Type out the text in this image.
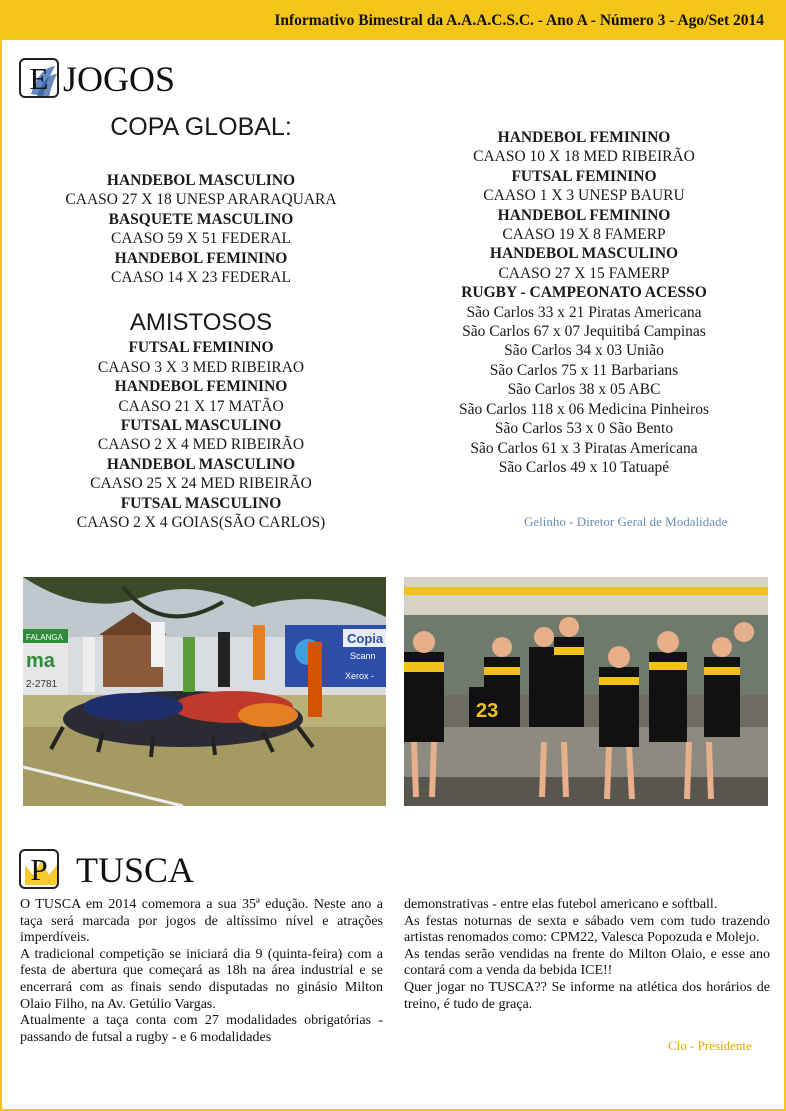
Informativo Bimestral da A.A.A.C.S.C. - Ano A - Número 3 - Ago/Set 2014
E JOGOS
COPA GLOBAL:
HANDEBOL MASCULINO
CAASO 27 X 18 UNESP ARARAQUARA
BASQUETE MASCULINO
CAASO 59 X 51 FEDERAL
HANDEBOL FEMININO
CAASO 14 X 23 FEDERAL
AMISTOSOS
FUTSAL FEMININO
CAASO 3 X 3 MED RIBEIRAO
HANDEBOL FEMININO
CAASO 21 X 17 MATÃO
FUTSAL MASCULINO
CAASO 2 X 4 MED RIBEIRÃO
HANDEBOL MASCULINO
CAASO 25 X 24 MED RIBEIRÃO
FUTSAL MASCULINO
CAASO 2 X 4 GOIAS(SÃO CARLOS)
HANDEBOL FEMININO
CAASO 10 X 18 MED RIBEIRÃO
FUTSAL FEMININO
CAASO 1 X 3 UNESP BAURU
HANDEBOL FEMININO
CAASO 19 X 8 FAMERP
HANDEBOL MASCULINO
CAASO 27 X 15 FAMERP
RUGBY - CAMPEONATO ACESSO
São Carlos 33 x 21 Piratas Americana
São Carlos 67 x 07 Jequitibá Campinas
São Carlos 34 x 03 União
São Carlos 75 x 11 Barbarians
São Carlos 38 x 05 ABC
São Carlos 118 x 06 Medicina Pinheiros
São Carlos 53 x 0 São Bento
São Carlos 61 x 3 Piratas Americana
São Carlos 49 x 10 Tatuapé
Gelinho - Diretor Geral de Modalidade
FALANGA
ma
2-2781
Copia
Scann
Xerox -
23
P TUSCA

O TUSCA em 2014 comemora a sua 35ª edução. Neste ano a taça será marcada por jogos de altíssimo nível e atrações imperdíveis.

A tradicional competição se iniciará dia 9 (quinta-feira) com a festa de abertura que começará as 18h na área industrial e se encerrará com as finais sendo disputadas no ginásio Milton Olaio Filho, na Av. Getúlio Vargas.

Atualmente a taça conta com 27 modalidades obrigatórias - passando de futsal a rugby - e 6 modalidades

demonstrativas - entre elas futebol americano e softball.

As festas noturnas de sexta e sábado vem com tudo trazendo artistas renomados como: CPM22, Valesca Popozuda e Molejo.

As tendas serão vendidas na frente do Milton Olaio, e esse ano contará com a venda da bebida ICE!!

Quer jogar no TUSCA?? Se informe na atlética dos horários de treino, é tudo de graça.

Clo - Presidente
